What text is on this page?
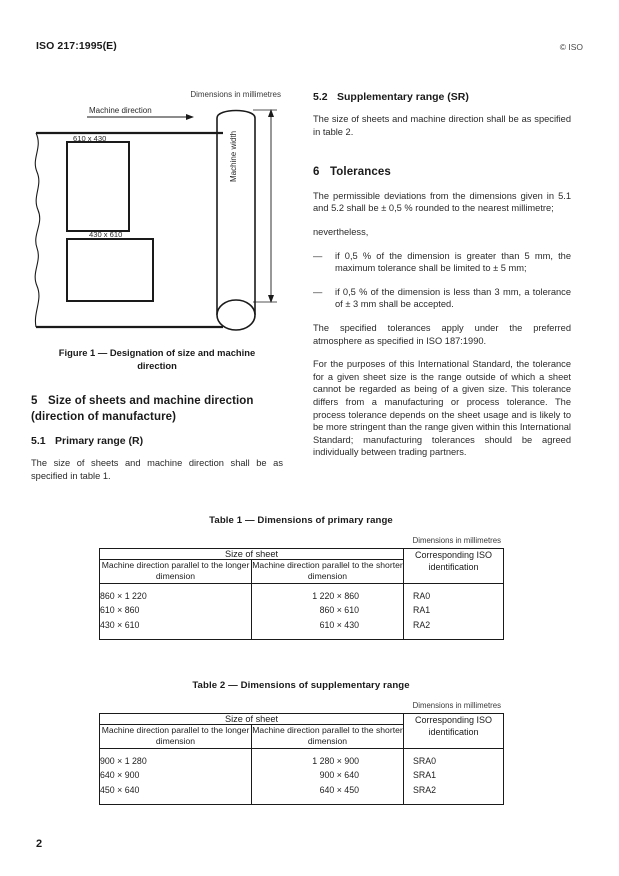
ISO 217:1995(E)	© ISO
Dimensions in millimetres
Machine direction
Machine width
610 x 430
430 x 610
Figure 1 — Designation of size and machine direction
5 Size of sheets and machine direction (direction of manufacture)
5.1 Primary range (R)

The size of sheets and machine direction shall be as specified in table 1.

5.2 Supplementary range (SR)

The size of sheets and machine direction shall be as specified in table 2.

6 Tolerances

The permissible deviations from the dimensions given in 5.1 and 5.2 shall be ± 0,5 % rounded to the nearest millimetre;

nevertheless,

—	if 0,5 % of the dimension is greater than 5 mm, the maximum tolerance shall be limited to ± 5 mm;
—	if 0,5 % of the dimension is less than 3 mm, a tolerance of ± 3 mm shall be accepted.

The specified tolerances apply under the preferred atmosphere as specified in ISO 187:1990.

For the purposes of this International Standard, the tolerance for a given sheet size is the range outside of which a sheet cannot be regarded as being of a given size. This tolerance differs from a manufacturing or process tolerance. The process tolerance depends on the sheet usage and is likely to be more stringent than the range given within this International Standard; manufacturing tolerances should be agreed individually between trading partners.

Table 1 — Dimensions of primary range
Dimensions in millimetres
Size of sheet		Corresponding ISO identification
Machine direction parallel to the longer dimension	Machine direction parallel to the shorter dimension	
860 × 1 220	1 220 × 860	RA0
610 × 860	860 × 610	RA1
430 × 610	610 × 430	RA2
Table 2 — Dimensions of supplementary range
Dimensions in millimetres
Size of sheet		Corresponding ISO identification
Machine direction parallel to the longer dimension	Machine direction parallel to the shorter dimension	
900 × 1 280	1 280 × 900	SRA0
640 × 900	900 × 640	SRA1
450 × 640	640 × 450	SRA2
2
